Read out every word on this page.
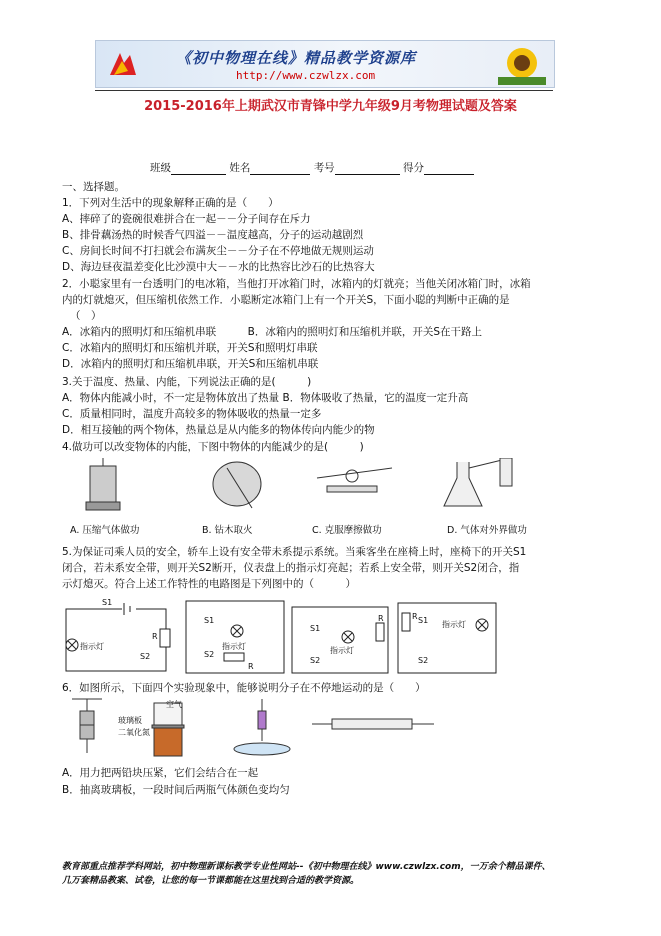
《初中物理在线》精品教学资源库
http://www.czwlzx.com
2015-2016年上期武汉市青锋中学九年级9月考物理试题及答案
班级	姓名	考号	得分
一、选择题。
1．下列对生活中的现象解释正确的是（　　）
A、摔碎了的瓷碗很难拼合在一起－－分子间存在斥力
B、排骨藕汤热的时候香气四溢－－温度越高，分子的运动越剧烈
C、房间长时间不打扫就会布满灰尘－－分子在不停地做无规则运动
D、海边昼夜温差变化比沙漠中大－－水的比热容比沙石的比热容大
2．小聪家里有一台透明门的电冰箱，当他打开冰箱门时，冰箱内的灯就亮；当他关闭冰箱门时，冰箱
内的灯就熄灭，但压缩机依然工作．小聪断定冰箱门上有一个开关S，下面小聪的判断中正确的是
（　）
A．冰箱内的照明灯和压缩机串联　　　B．冰箱内的照明灯和压缩机并联，开关S在干路上
C．冰箱内的照明灯和压缩机并联，开关S和照明灯串联
D．冰箱内的照明灯和压缩机串联，开关S和压缩机串联
3.关于温度、热量、内能，下列说法正确的是(　　　)
A．物体内能减小时，不一定是物体放出了热量 B．物体吸收了热量，它的温度一定升高
C．质量相同时，温度升高较多的物体吸收的热量一定多
D．相互接触的两个物体，热量总是从内能多的物体传向内能少的物
4.做功可以改变物体的内能，下图中物体的内能减少的是(　　　)
A. 压缩气体做功	B. 钻木取火	C. 克服摩擦做功	D. 气体对外界做功
5.为保证司乘人员的安全，轿车上设有安全带未系提示系统。当乘客坐在座椅上时，座椅下的开关S1
闭合，若未系安全带，则开关S2断开，仪表盘上的指示灯亮起；若系上安全带，则开关S2闭合，指
示灯熄灭。符合上述工作特性的电路图是下列图中的（　　　）
指示灯	指示灯	指示灯
指示灯
S1
S2
R
S1
S2
R
S1
S2
R	S1
S2
R
6．如图所示，下面四个实验现象中，能够说明分子在不停地运动的是（　　）
空气
玻璃板
二氧化氮
A．用力把两铅块压紧，它们会结合在一起
B．抽离玻璃板，一段时间后两瓶气体颜色变均匀
教育部重点推荐学科网站，初中物理新课标教学专业性网站--《初中物理在线》www.czwlzx.com，一万余个精品课件、
几万套精品教案、试卷，让您的每一节课都能在这里找到合适的教学资源。
